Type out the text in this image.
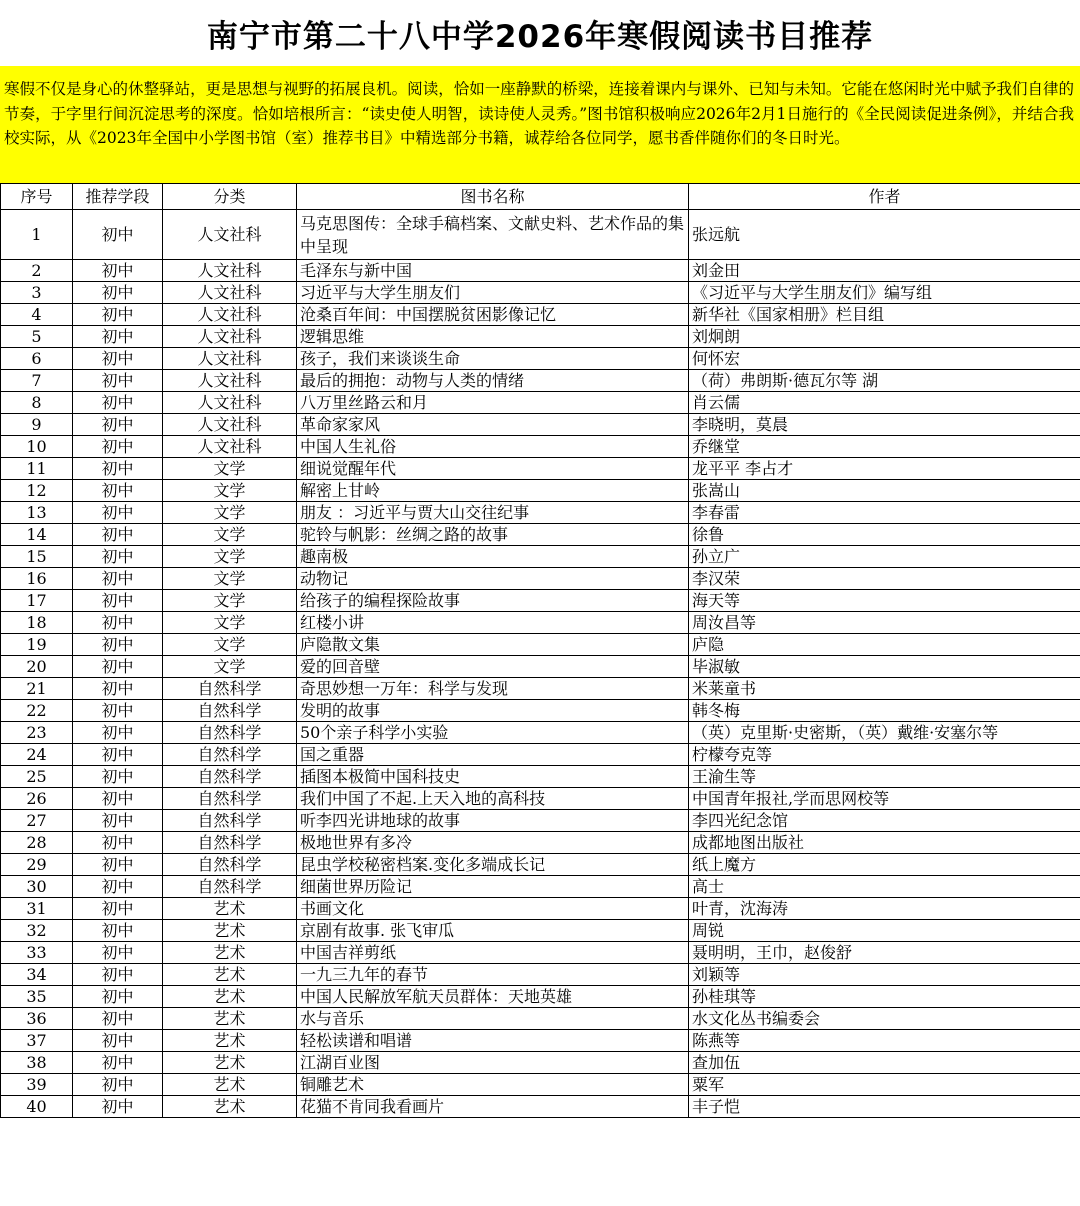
南宁市第二十八中学2026年寒假阅读书目推荐
寒假不仅是身心的休整驿站，更是思想与视野的拓展良机。阅读，恰如一座静默的桥梁，连接着课内与课外、已知与未知。它能在悠闲时光中赋予我们自律的节奏，于字里行间沉淀思考的深度。恰如培根所言：“读史使人明智，读诗使人灵秀。”图书馆积极响应2026年2月1日施行的《全民阅读促进条例》，并结合我校实际，从《2023年全国中小学图书馆（室）推荐书目》中精选部分书籍，诚荐给各位同学，愿书香伴随你们的冬日时光。
序号	推荐学段	分类	图书名称	作者
1	初中	人文社科	马克思图传：全球手稿档案、文献史料、艺术作品的集中呈现	张远航
2	初中	人文社科	毛泽东与新中国	刘金田
3	初中	人文社科	习近平与大学生朋友们	《习近平与大学生朋友们》编写组
4	初中	人文社科	沧桑百年间：中国摆脱贫困影像记忆	新华社《国家相册》栏目组
5	初中	人文社科	逻辑思维	刘炯朗
6	初中	人文社科	孩子，我们来谈谈生命	何怀宏
7	初中	人文社科	最后的拥抱：动物与人类的情绪	（荷）弗朗斯·德瓦尔等 湖
8	初中	人文社科	八万里丝路云和月	肖云儒
9	初中	人文社科	革命家家风	李晓明，莫晨
10	初中	人文社科	中国人生礼俗	乔继堂
11	初中	文学	细说觉醒年代	龙平平 李占才
12	初中	文学	解密上甘岭	张嵩山
13	初中	文学	朋友 ：习近平与贾大山交往纪事	李春雷
14	初中	文学	驼铃与帆影：丝绸之路的故事	徐鲁
15	初中	文学	趣南极	孙立广
16	初中	文学	动物记	李汉荣
17	初中	文学	给孩子的编程探险故事	海天等
18	初中	文学	红楼小讲	周汝昌等
19	初中	文学	庐隐散文集	庐隐
20	初中	文学	爱的回音壁	毕淑敏
21	初中	自然科学	奇思妙想一万年：科学与发现	米莱童书
22	初中	自然科学	发明的故事	韩冬梅
23	初中	自然科学	50个亲子科学小实验	（英）克里斯·史密斯，（英）戴维·安塞尔等
24	初中	自然科学	国之重器	柠檬夸克等
25	初中	自然科学	插图本极简中国科技史	王渝生等
26	初中	自然科学	我们中国了不起.上天入地的高科技	中国青年报社,学而思网校等
27	初中	自然科学	听李四光讲地球的故事	李四光纪念馆
28	初中	自然科学	极地世界有多冷	成都地图出版社
29	初中	自然科学	昆虫学校秘密档案.变化多端成长记	纸上魔方
30	初中	自然科学	细菌世界历险记	高士
31	初中	艺术	书画文化	叶青，沈海涛
32	初中	艺术	京剧有故事. 张飞审瓜	周锐
33	初中	艺术	中国吉祥剪纸	聂明明，王巾，赵俊舒
34	初中	艺术	一九三九年的春节	刘颖等
35	初中	艺术	中国人民解放军航天员群体：天地英雄	孙桂琪等
36	初中	艺术	水与音乐	水文化丛书编委会
37	初中	艺术	轻松读谱和唱谱	陈燕等
38	初中	艺术	江湖百业图	查加伍
39	初中	艺术	铜雕艺术	粟军
40	初中	艺术	花猫不肯同我看画片	丰子恺
